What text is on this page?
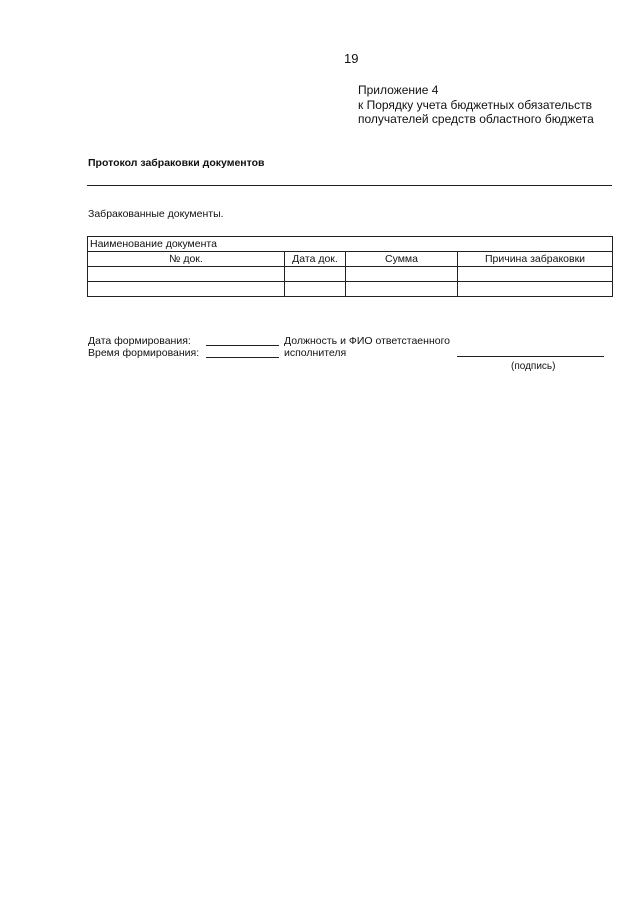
19
Приложение 4
к Порядку учета бюджетных обязательств
получателей средств областного бюджета
Протокол забраковки документов
Забракованные документы.
Наименование документа			
№ док.	Дата док.	Сумма	Причина забраковки

Дата формирования:
Время формирования:
Должность и ФИО ответстаенного
исполнителя
(подпись)
